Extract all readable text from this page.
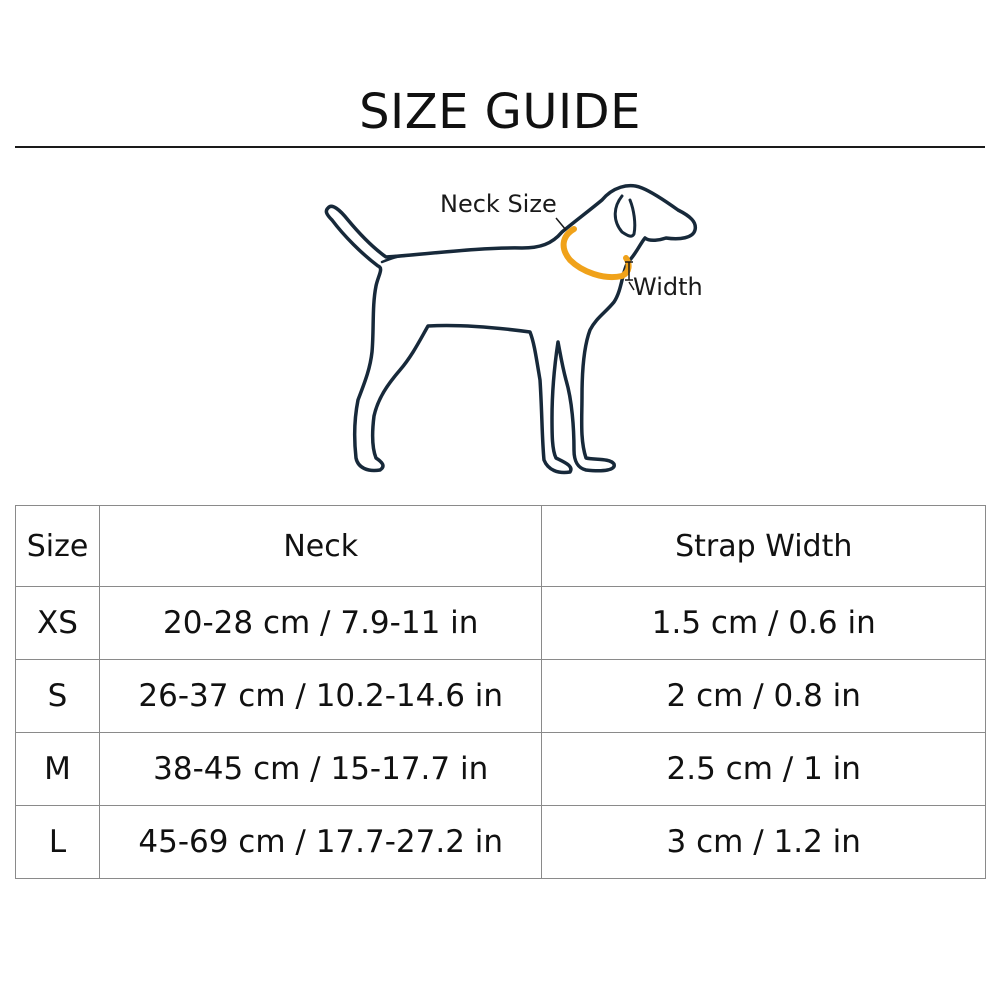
SIZE GUIDE
Neck Size
Width
Size	Neck	Strap Width
XS	20-28 cm / 7.9-11 in	1.5 cm / 0.6 in
S	26-37 cm / 10.2-14.6 in	2 cm / 0.8 in
M	38-45 cm / 15-17.7 in	2.5 cm / 1 in
L	45-69 cm / 17.7-27.2 in	3 cm / 1.2 in
